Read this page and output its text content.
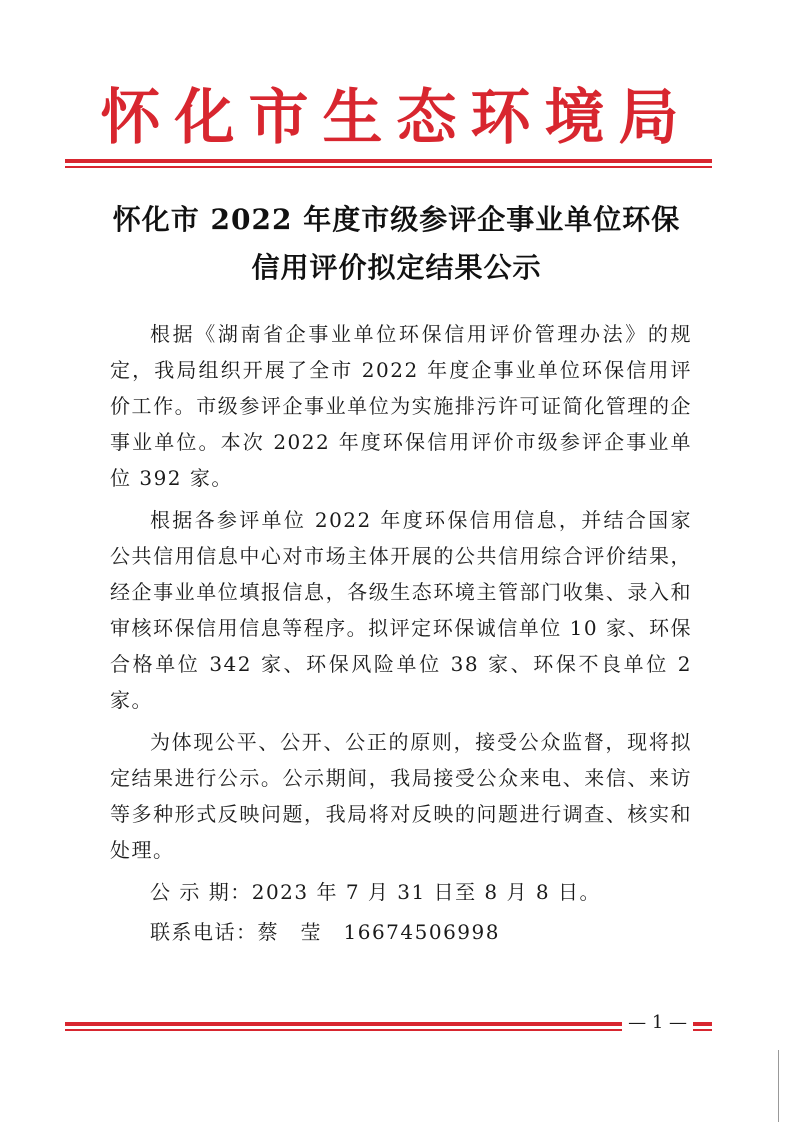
怀化市生态环境局
怀化市 2022 年度市级参评企事业单位环保
信用评价拟定结果公示

根据《湖南省企事业单位环保信用评价管理办法》的规定，我局组织开展了全市 2022 年度企事业单位环保信用评价工作。市级参评企事业单位为实施排污许可证简化管理的企事业单位。本次 2022 年度环保信用评价市级参评企事业单位 392 家。

根据各参评单位 2022 年度环保信用信息，并结合国家公共信用信息中心对市场主体开展的公共信用综合评价结果，经企事业单位填报信息，各级生态环境主管部门收集、录入和审核环保信用信息等程序。拟评定环保诚信单位 10 家、环保合格单位 342 家、环保风险单位 38 家、环保不良单位 2 家。

为体现公平、公开、公正的原则，接受公众监督，现将拟定结果进行公示。公示期间，我局接受公众来电、来信、来访等多种形式反映问题，我局将对反映的问题进行调查、核实和处理。

公 示 期：2023 年 7 月 31 日至 8 月 8 日。
联系电话：蔡　莹　16674506998
— 1 —
